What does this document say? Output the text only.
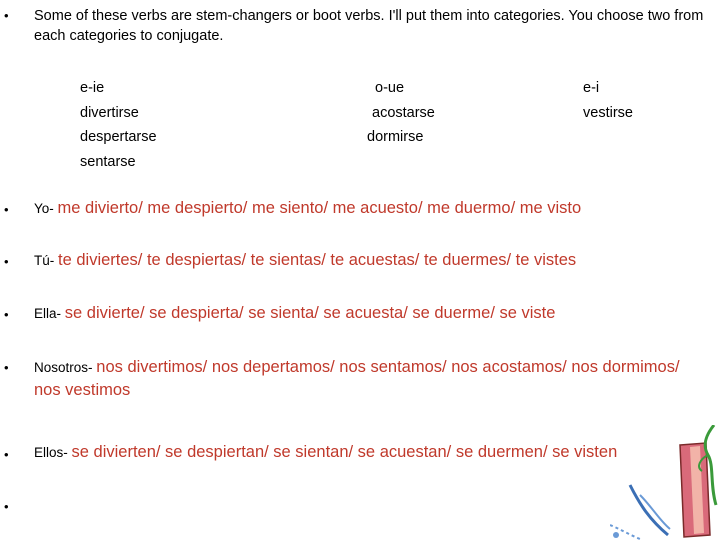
• Some of these verbs are stem-changers or boot verbs. I'll put them into categories. You choose two from each categories to conjugate.
e-ie
divertirse
despertarse
sentarse
o-ue
acostarse
dormirse
e-i
vestirse
• Yo- me divierto/ me despierto/ me siento/ me acuesto/ me duermo/ me visto
• Tú- te diviertes/ te despiertas/ te sientas/ te acuestas/ te duermes/ te vistes
• Ella- se divierte/ se despierta/ se sienta/ se acuesta/ se duerme/ se viste
• Nosotros- nos divertimos/ nos depertamos/ nos sentamos/ nos acostamos/ nos dormimos/ nos vestimos
• Ellos- se divierten/ se despiertan/ se sientan/ se acuestan/ se duermen/ se visten
•
